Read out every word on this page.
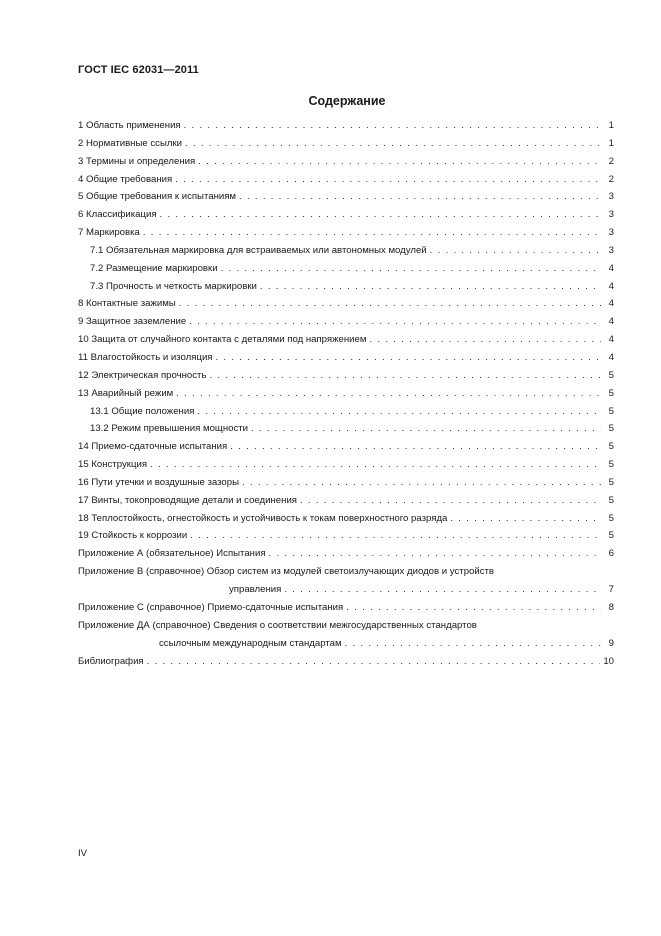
ГОСТ IEC 62031—2011
Содержание
1 Область применения . . .	1
2 Нормативные ссылки . . .	1
3 Термины и определения . . .	2
4 Общие требования . . .	2
5 Общие требования к испытаниям . . .	3
6 Классификация . . .	3
7 Маркировка . . .	3
7.1 Обязательная маркировка для встраиваемых или автономных модулей . . .	3
7.2 Размещение маркировки . . .	4
7.3 Прочность и четкость маркировки . . .	4
8 Контактные зажимы . . .	4
9 Защитное заземление . . .	4
10 Защита от случайного контакта с деталями под напряжением . . .	4
11 Влагостойкость и изоляция . . .	4
12 Электрическая прочность . . .	5
13 Аварийный режим . . .	5
13.1 Общие положения . . .	5
13.2 Режим превышения мощности . . .	5
14 Приемо-сдаточные испытания . . .	5
15 Конструкция . . .	5
16 Пути утечки и воздушные зазоры . . .	5
17 Винты, токопроводящие детали и соединения . . .	5
18 Теплостойкость, огнестойкость и устойчивость к токам поверхностного разряда . . .	5
19 Стойкость к коррозии . . .	5
Приложение А (обязательное) Испытания . . .	6
Приложение В (справочное) Обзор систем из модулей светоизлучающих диодов и устройств
управления . . .	7
Приложение С (справочное) Приемо-сдаточные испытания . . .	8
Приложение ДА (справочное) Сведения о соответствии межгосударственных стандартов
ссылочным международным стандартам . . .	9
Библиография . . .	10
IV
